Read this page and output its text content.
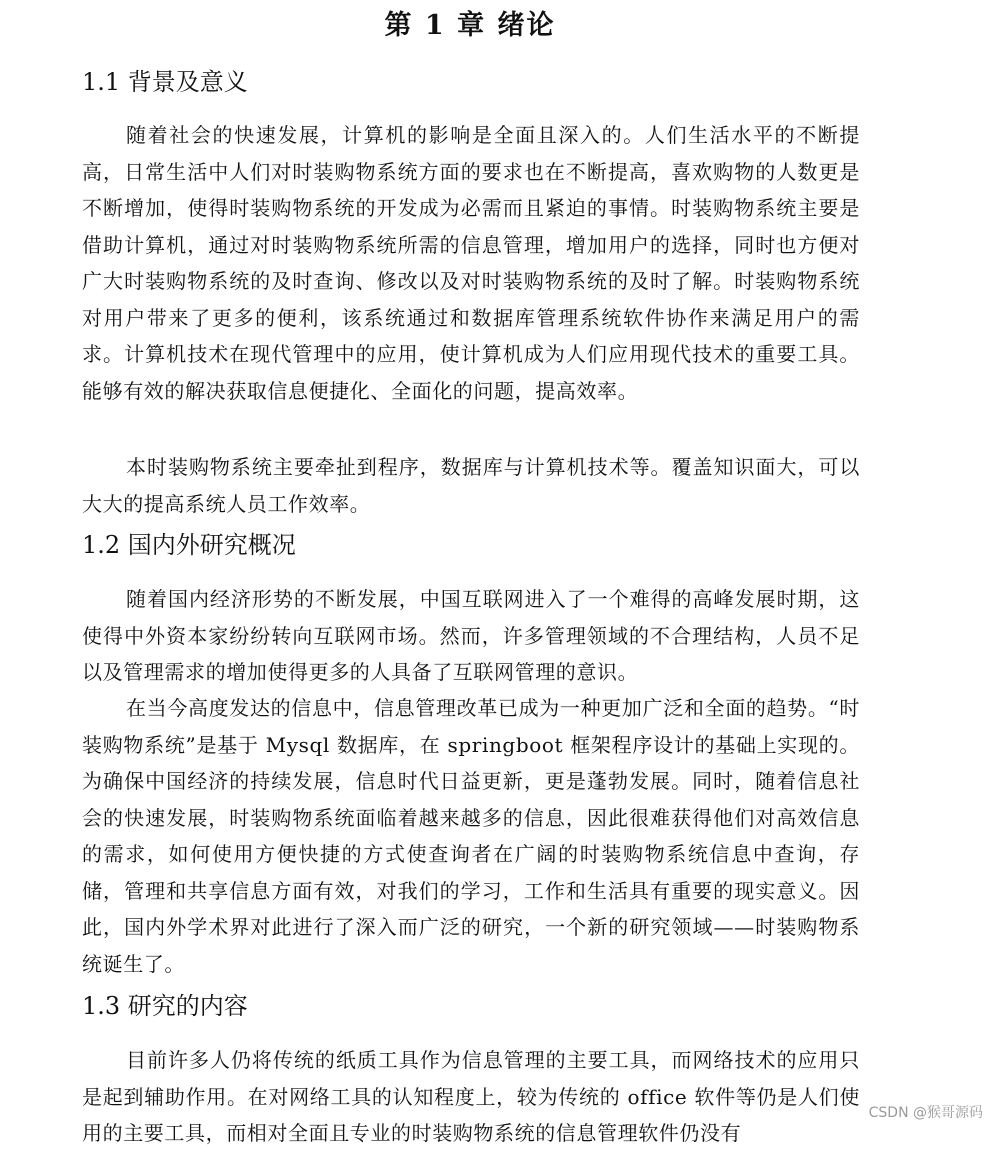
第 1 章 绪论
1.1 背景及意义

随着社会的快速发展，计算机的影响是全面且深入的。人们生活水平的不断提高，日常生活中人们对时装购物系统方面的要求也在不断提高，喜欢购物的人数更是不断增加，使得时装购物系统的开发成为必需而且紧迫的事情。时装购物系统主要是借助计算机，通过对时装购物系统所需的信息管理，增加用户的选择，同时也方便对广大时装购物系统的及时查询、修改以及对时装购物系统的及时了解。时装购物系统对用户带来了更多的便利，该系统通过和数据库管理系统软件协作来满足用户的需求。计算机技术在现代管理中的应用，使计算机成为人们应用现代技术的重要工具。能够有效的解决获取信息便捷化、全面化的问题，提高效率。

本时装购物系统主要牵扯到程序，数据库与计算机技术等。覆盖知识面大，可以大大的提高系统人员工作效率。

1.2 国内外研究概况

随着国内经济形势的不断发展，中国互联网进入了一个难得的高峰发展时期，这使得中外资本家纷纷转向互联网市场。然而，许多管理领域的不合理结构，人员不足以及管理需求的增加使得更多的人具备了互联网管理的意识。

在当今高度发达的信息中，信息管理改革已成为一种更加广泛和全面的趋势。“时装购物系统”是基于 Mysql 数据库，在 springboot 框架程序设计的基础上实现的。为确保中国经济的持续发展，信息时代日益更新，更是蓬勃发展。同时，随着信息社会的快速发展，时装购物系统面临着越来越多的信息，因此很难获得他们对高效信息的需求，如何使用方便快捷的方式使查询者在广阔的时装购物系统信息中查询，存储，管理和共享信息方面有效，对我们的学习，工作和生活具有重要的现实意义。因此，国内外学术界对此进行了深入而广泛的研究，一个新的研究领域——时装购物系统诞生了。

1.3 研究的内容

目前许多人仍将传统的纸质工具作为信息管理的主要工具，而网络技术的应用只是起到辅助作用。在对网络工具的认知程度上，较为传统的 office 软件等仍是人们使用的主要工具，而相对全面且专业的时装购物系统的信息管理软件仍没有

CSDN @猴哥源码
